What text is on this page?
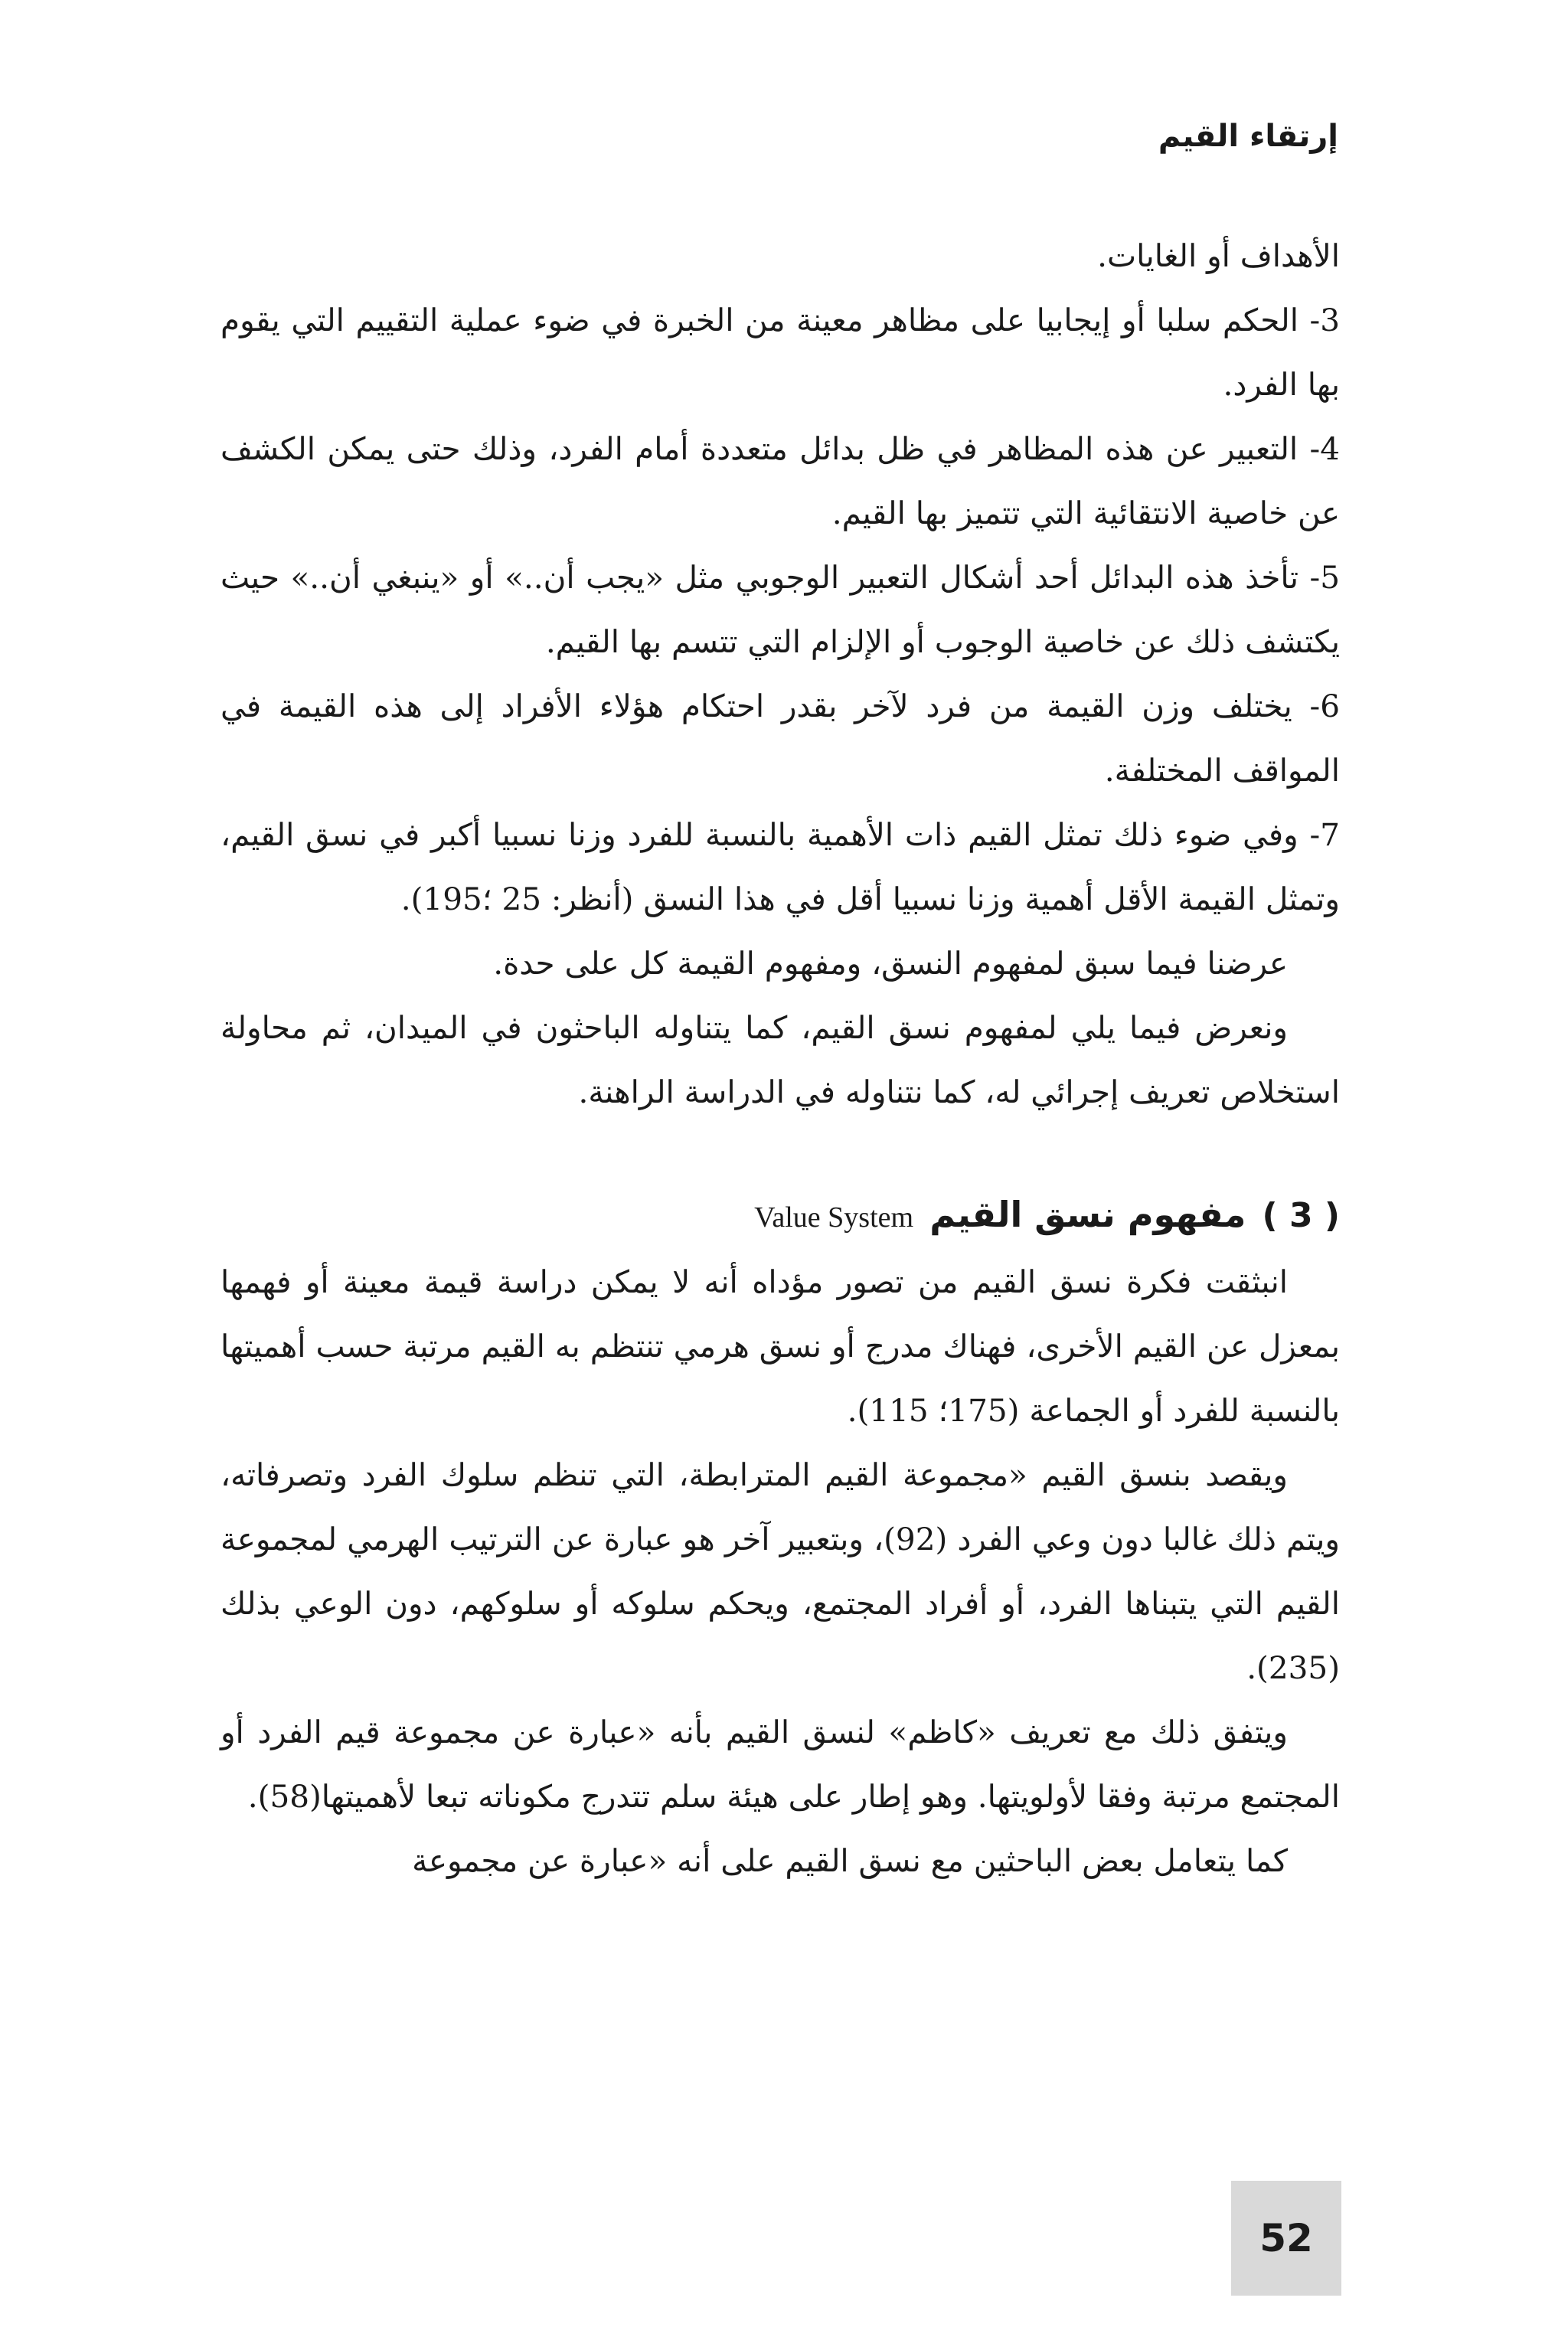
إرتقاء القيم

الأهداف أو الغايات.

3- الحكم سلبا أو إيجابيا على مظاهر معينة من الخبرة في ضوء عملية التقييم التي يقوم بها الفرد.

4- التعبير عن هذه المظاهر في ظل بدائل متعددة أمام الفرد، وذلك حتى يمكن الكشف عن خاصية الانتقائية التي تتميز بها القيم.

5- تأخذ هذه البدائل أحد أشكال التعبير الوجوبي مثل «يجب أن..» أو «ينبغي أن..» حيث يكتشف ذلك عن خاصية الوجوب أو الإلزام التي تتسم بها القيم.

6- يختلف وزن القيمة من فرد لآخر بقدر احتكام هؤلاء الأفراد إلى هذه القيمة في المواقف المختلفة.

7- وفي ضوء ذلك تمثل القيم ذات الأهمية بالنسبة للفرد وزنا نسبيا أكبر في نسق القيم، وتمثل القيمة الأقل أهمية وزنا نسبيا أقل في هذا النسق (أنظر: 25 ؛195).

عرضنا فيما سبق لمفهوم النسق، ومفهوم القيمة كل على حدة.

ونعرض فيما يلي لمفهوم نسق القيم، كما يتناوله الباحثون في الميدان، ثم محاولة استخلاص تعريف إجرائي له، كما نتناوله في الدراسة الراهنة.

( 3 ) مفهوم نسق القيم Value System

انبثقت فكرة نسق القيم من تصور مؤداه أنه لا يمكن دراسة قيمة معينة أو فهمها بمعزل عن القيم الأخرى، فهناك مدرج أو نسق هرمي تنتظم به القيم مرتبة حسب أهميتها بالنسبة للفرد أو الجماعة (175؛ 115).

ويقصد بنسق القيم «مجموعة القيم المترابطة، التي تنظم سلوك الفرد وتصرفاته، ويتم ذلك غالبا دون وعي الفرد (92)، وبتعبير آخر هو عبارة عن الترتيب الهرمي لمجموعة القيم التي يتبناها الفرد، أو أفراد المجتمع، ويحكم سلوكه أو سلوكهم، دون الوعي بذلك (235).

ويتفق ذلك مع تعريف «كاظم» لنسق القيم بأنه «عبارة عن مجموعة قيم الفرد أو المجتمع مرتبة وفقا لأولويتها. وهو إطار على هيئة سلم تتدرج مكوناته تبعا لأهميتها(58).

كما يتعامل بعض الباحثين مع نسق القيم على أنه «عبارة عن مجموعة

52
